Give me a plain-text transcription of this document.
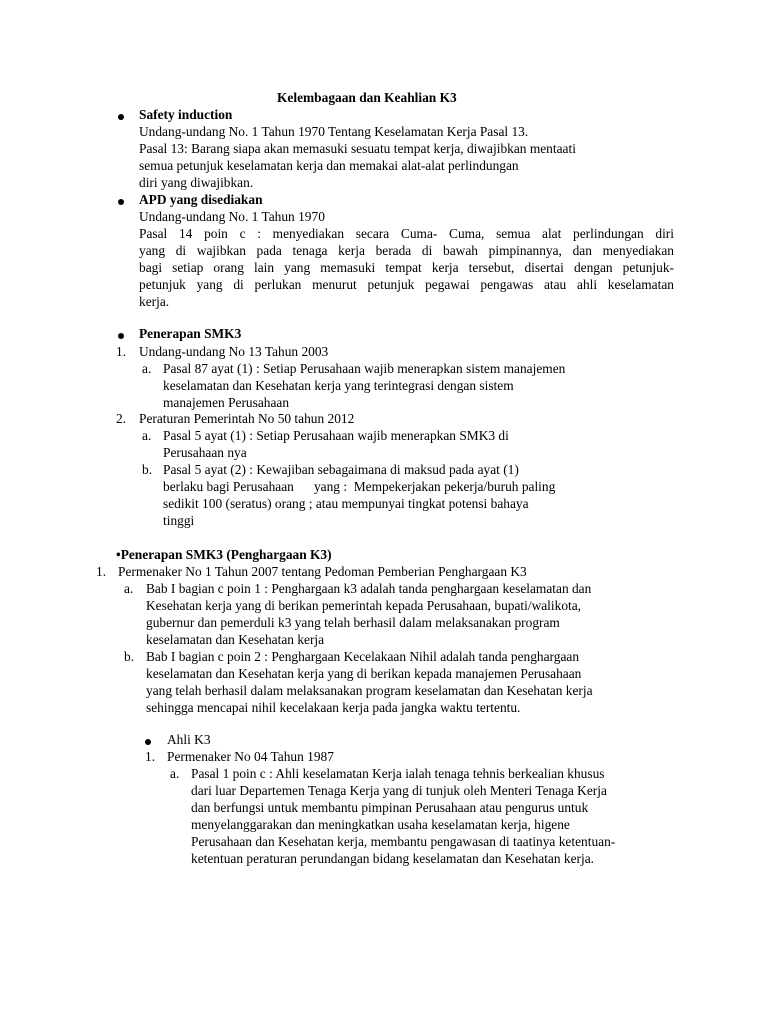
Kelembagaan dan Keahlian K3
Safety induction
Undang-undang No. 1 Tahun 1970 Tentang Keselamatan Kerja Pasal 13.
Pasal 13: Barang siapa akan memasuki sesuatu tempat kerja, diwajibkan mentaati
semua petunjuk keselamatan kerja dan memakai alat-alat perlindungan
diri yang diwajibkan.
APD yang disediakan
Undang-undang No. 1 Tahun 1970
Pasal 14 poin c : menyediakan secara Cuma- Cuma, semua alat perlindungan diri
yang di wajibkan pada tenaga kerja berada di bawah pimpinannya, dan menyediakan
bagi setiap orang lain yang memasuki tempat kerja tersebut, disertai dengan petunjuk-
petunjuk yang di perlukan menurut petunjuk pegawai pengawas atau ahli keselamatan
kerja.
Penerapan SMK3
1. Undang-undang No 13 Tahun 2003
a. Pasal 87 ayat (1) : Setiap Perusahaan wajib menerapkan sistem manajemen
keselamatan dan Kesehatan kerja yang terintegrasi dengan sistem
manajemen Perusahaan
2. Peraturan Pemerintah No 50 tahun 2012
a. Pasal 5 ayat (1) : Setiap Perusahaan wajib menerapkan SMK3 di
Perusahaan nya
b. Pasal 5 ayat (2) : Kewajiban sebagaimana di maksud pada ayat (1)
berlaku bagi Perusahaan      yang :  Mempekerjakan pekerja/buruh paling
sedikit 100 (seratus) orang ; atau mempunyai tingkat potensi bahaya
tinggi
•Penerapan SMK3 (Penghargaan K3)
1. Permenaker No 1 Tahun 2007 tentang Pedoman Pemberian Penghargaan K3
a. Bab I bagian c poin 1 : Penghargaan k3 adalah tanda penghargaan keselamatan dan
Kesehatan kerja yang di berikan pemerintah kepada Perusahaan, bupati/walikota,
gubernur dan pemerduli k3 yang telah berhasil dalam melaksanakan program
keselamatan dan Kesehatan kerja
b. Bab I bagian c poin 2 : Penghargaan Kecelakaan Nihil adalah tanda penghargaan
keselamatan dan Kesehatan kerja yang di berikan kepada manajemen Perusahaan
yang telah berhasil dalam melaksanakan program keselamatan dan Kesehatan kerja
sehingga mencapai nihil kecelakaan kerja pada jangka waktu tertentu.
Ahli K3
1. Permenaker No 04 Tahun 1987
a. Pasal 1 poin c : Ahli keselamatan Kerja ialah tenaga tehnis berkealian khusus
dari luar Departemen Tenaga Kerja yang di tunjuk oleh Menteri Tenaga Kerja
dan berfungsi untuk membantu pimpinan Perusahaan atau pengurus untuk
menyelanggarakan dan meningkatkan usaha keselamatan kerja, higene
Perusahaan dan Kesehatan kerja, membantu pengawasan di taatinya ketentuan-
ketentuan peraturan perundangan bidang keselamatan dan Kesehatan kerja.
